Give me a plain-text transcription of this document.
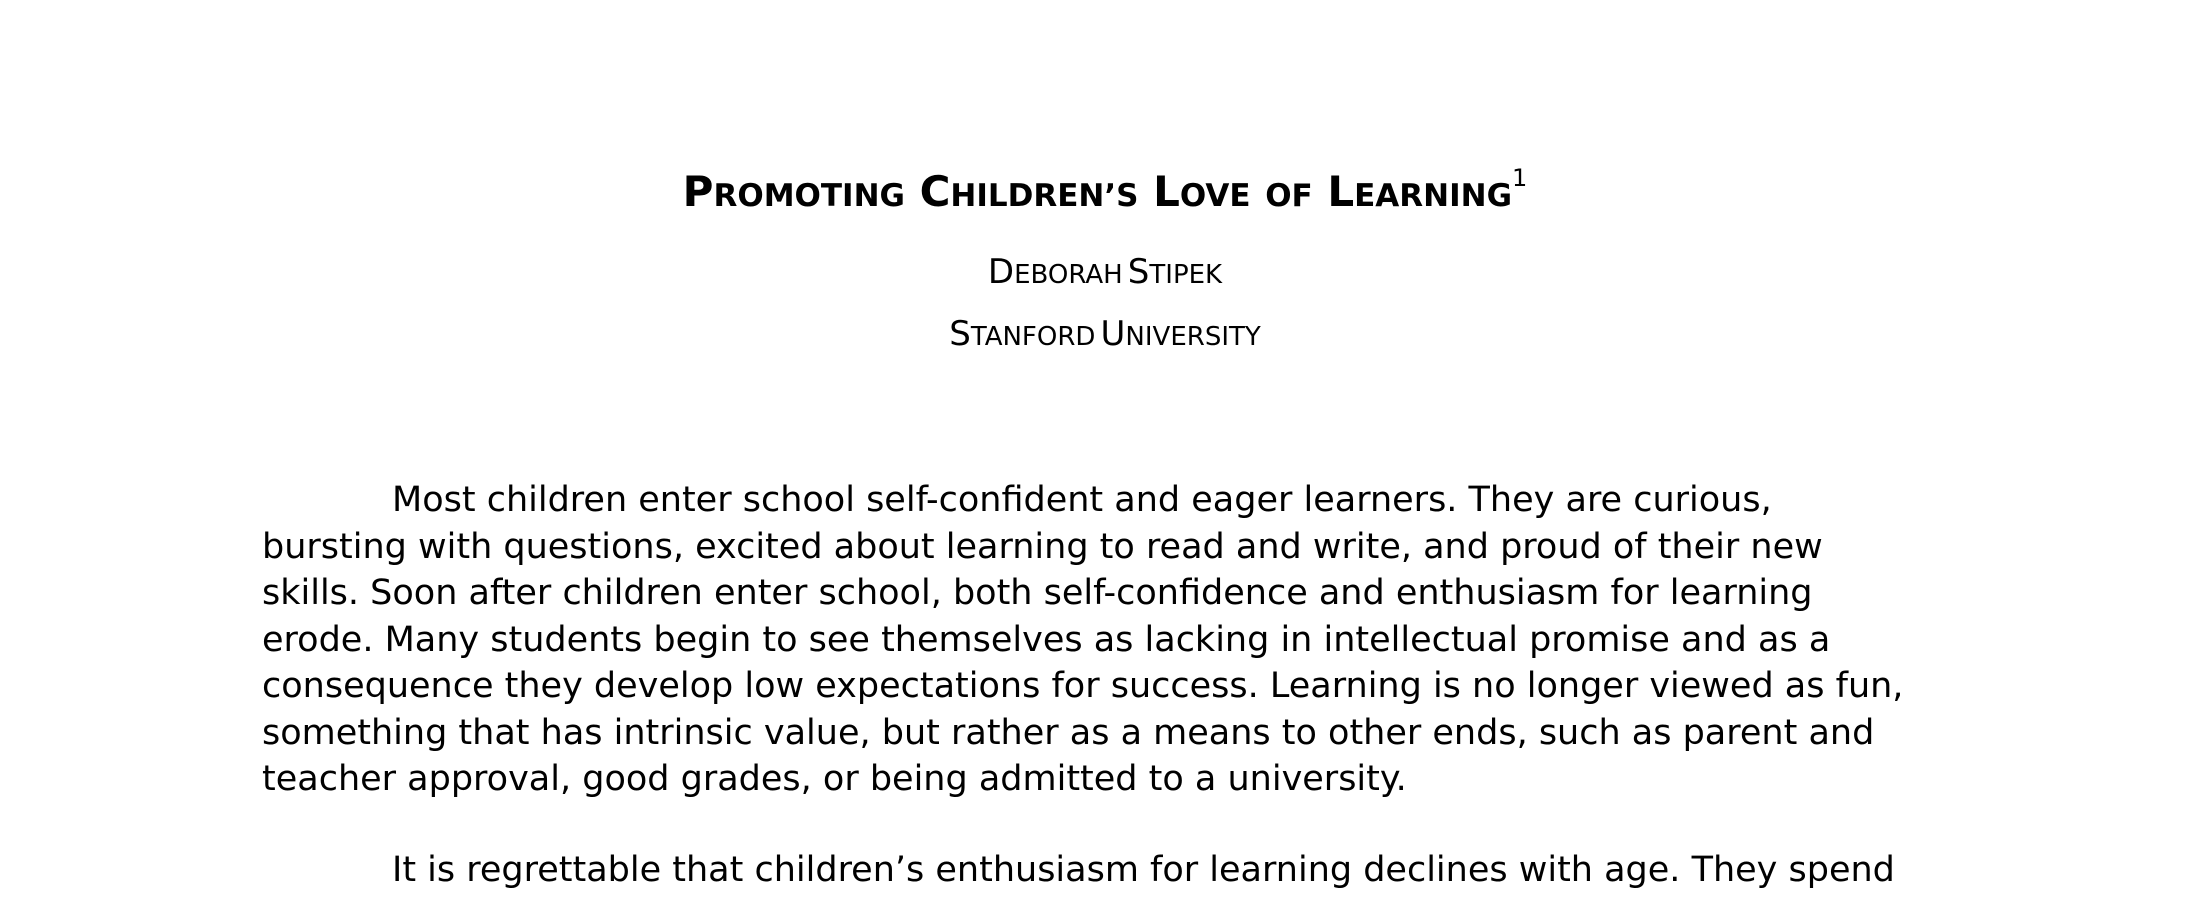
PROMOTING CHILDREN’S LOVE OF LEARNING$^1$
DEBORAH STIPEK
STANFORD UNIVERSITY
Most children enter school self-confident and eager learners. They are curious,
bursting with questions, excited about learning to read and write, and proud of their new
skills. Soon after children enter school, both self-confidence and enthusiasm for learning
erode. Many students begin to see themselves as lacking in intellectual promise and as a
consequence they develop low expectations for success. Learning is no longer viewed as fun,
something that has intrinsic value, but rather as a means to other ends, such as parent and
teacher approval, good grades, or being admitted to a university.
It is regrettable that children’s enthusiasm for learning declines with age. They spend
